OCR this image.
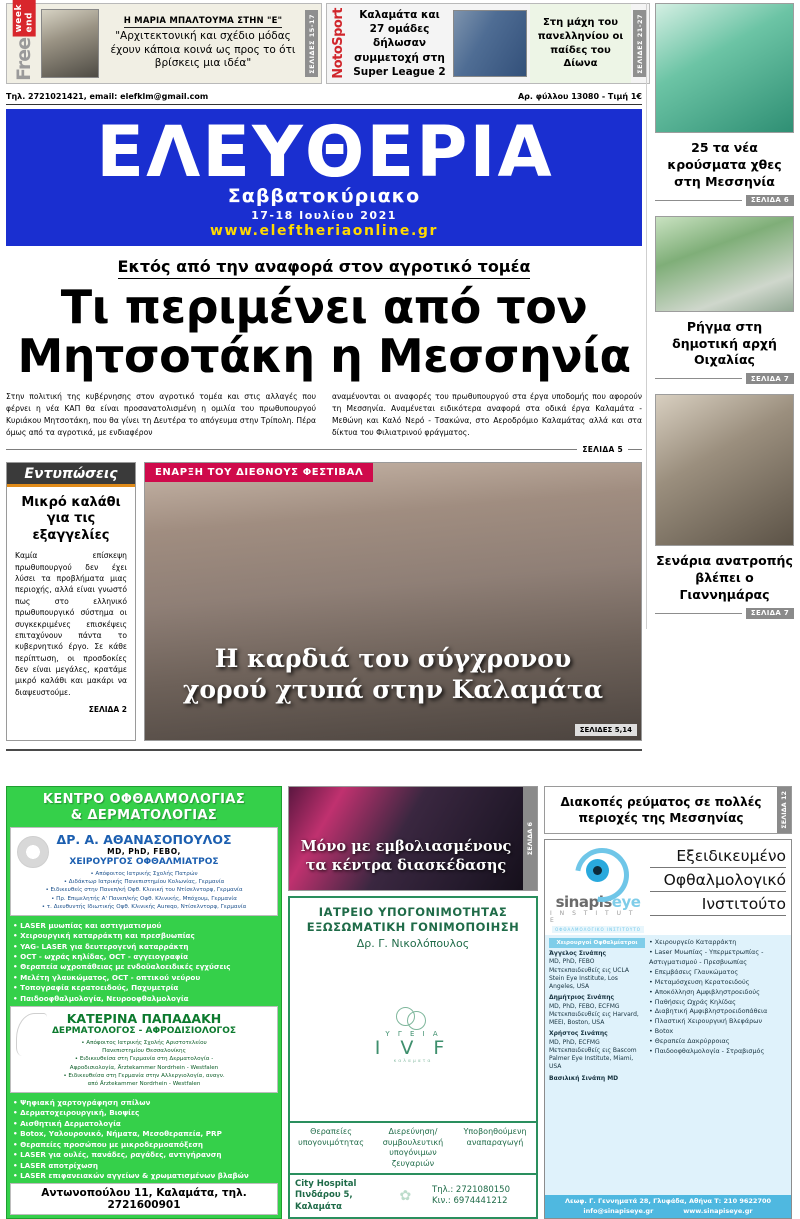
week end
Free
Η ΜΑΡΙΑ ΜΠΑΛΤΟΥΜΑ ΣΤΗΝ "Ε"
"Αρχιτεκτονική και σχέδιο μόδας έχουν κάποια κοινά ως προς το ότι βρίσκεις μια ιδέα"	ΣΕΛΙΔΕΣ 15-17 NotoSport	Καλαμάτα και 27 ομάδες δήλωσαν συμμετοχή στη Super League 2
Στη μάχη του πανελληνίου οι παίδες του Δίωνα	ΣΕΛΙΔΕΣ 21-27
Τηλ. 2721021421, email: elefklm@gmail.com	Αρ. φύλλου 13080 - Τιμή 1€
Ε Λ Ε Υ Θ Ε Ρ Ι Α
Σαββατοκύριακο
17-18 Ιουλίου 2021
www.eleftheriaonline.gr
Εκτός από την αναφορά στον αγροτικό τομέα
Τι περιμένει από τον
Μητσοτάκη η Μεσσηνία
Στην πολιτική της κυβέρνησης στον αγροτικό τομέα και στις αλλαγές που φέρνει η νέα ΚΑΠ θα είναι προσανατολισμένη η ομιλία του πρωθυπουργού Κυριάκου Μητσοτάκη, που θα γίνει τη Δευτέρα το απόγευμα στην Τρίπολη. Πέρα όμως από τα αγροτικά, με ενδιαφέρον
αναμένονται οι αναφορές του πρωθυπουργού στα έργα υποδομής που αφορούν τη Μεσσηνία. Αναμένεται ειδικότερα αναφορά στα οδικά έργα Καλαμάτα - Μεθώνη και Καλό Νερό - Τσακώνα, στο Αεροδρόμιο Καλαμάτας αλλά και στα δίκτυα του Φιλιατρινού φράγματος.
ΣΕΛΙΔΑ 5
Εντυπώσεις
Μικρό καλάθι για τις εξαγγελίες
Καμία επίσκεψη πρωθυπουργού δεν έχει λύσει τα προβλήματα μιας περιοχής, αλλά είναι γνωστό πως στο ελληνικό πρωθυπουργικό σύστημα οι συγκεκριμένες επισκέψεις επιταχύνουν πάντα το κυβερνητικό έργο. Σε κάθε περίπτωση, οι προσδοκίες δεν είναι μεγάλες, κρατάμε μικρό καλάθι και μακάρι να διαψευστούμε.
ΣΕΛΙΔΑ 2
ΕΝΑΡΞΗ ΤΟΥ ΔΙΕΘΝΟΥΣ ΦΕΣΤΙΒΑΛ
Η καρδιά του σύγχρονου
χορού χτυπά στην Καλαμάτα
ΣΕΛΙΔΕΣ 5,14
25 τα νέα κρούσματα χθες στη Μεσσηνία
ΣΕΛΙΔΑ 6
Ρήγμα στη δημοτική αρχή Οιχαλίας
ΣΕΛΙΔΑ 7
Σενάρια ανατροπής βλέπει ο Γιαννημάρας
ΣΕΛΙΔΑ 7
ΚΕΝΤΡΟ ΟΦΘΑΛΜΟΛΟΓΙΑΣ
& ΔΕΡΜΑΤΟΛΟΓΙΑΣ
ΔΡ. Α. ΑΘΑΝΑΣΟΠΟΥΛΟΣ
MD, PhD, FEBO,
ΧΕΙΡΟΥΡΓΟΣ ΟΦΘΑΛΜΙΑΤΡΟΣ
• Απόφοιτος Ιατρικής Σχολής Πατρών
• Διδάκτωρ Ιατρικής Πανεπιστημίου Κολωνίας, Γερμανία
• Ειδικευθείς στην Πανεπ/κή Οφθ. Κλινική του Ντίσελντορφ, Γερμανία
• Πρ. Επιμελητής Α' Πανεπ/κής Οφθ. Κλινικής, Μπόχουμ, Γερμανία
• τ. Διευθυντής Ιδιωτικής Οφθ. Κλινικής Aureqo, Ντίσελντορφ, Γερμανία
• LASER μυωπίας και αστιγματισμού
• Χειρουργική καταρράκτη και πρεσβυωπίας
• YAG- LASER για δευτερογενή καταρράκτη
• OCT - ωχράς κηλίδας, OCT - αγγειογραφία
• Θεραπεία ωχροπάθειας με ενδοϋαλοειδικές εγχύσεις
• Μελέτη γλαυκώματος, OCT - οπτικού νεύρου
• Τοπογραφία κερατοειδούς, Παχυμετρία
• Παιδοοφθαλμολογία, Νευροοφθαλμολογία
ΚΑΤΕΡΙΝΑ ΠΑΠΑΔΑΚΗ
ΔΕΡΜΑΤΟΛΟΓΟΣ - ΑΦΡΟΔΙΣΙΟΛΟΓΟΣ
• Απόφοιτος Ιατρικής Σχολής Αριστοτελείου
Πανεπιστημίου Θεσσαλονίκης
• Ειδικευθείσα στη Γερμανία στη Δερματολογία -
Αφροδισιολογία, Ärztekammer Nordrhein - Westfalen
• Ειδικευθείσα στη Γερμανία στην Αλλεργιολογία, αναγν.
από Ärztekammer Nordrhein - Westfalen
• Ψηφιακή χαρτογράφηση σπίλων
• Δερματοχειρουργική, Βιοψίες
• Αισθητική Δερματολογία
• Botox, Υαλουρονικό, Νήματα, Μεσοθεραπεία, PRP
• Θεραπείες προσώπου με μικροδερμοαπόξεση
• LASER για ουλές, πανάδες, ραγάδες, αντιγήρανση
• LASER αποτρίχωση
• LASER επιφανειακών αγγείων & χρωματισμένων βλαβών
Αντωνοπούλου 11, Καλαμάτα, τηλ. 2721600901
Μόνο με εμβολιασμένους
τα κέντρα διασκέδασης
ΣΕΛΙΔΑ 6
ΙΑΤΡΕΙΟ ΥΠΟΓΟΝΙΜΟΤΗΤΑΣ
ΕΞΩΣΩΜΑΤΙΚΗ ΓΟΝΙΜΟΠΟΙΗΣΗ
Δρ. Γ. Νικολόπουλος
Υ Γ Ε Ι Α
I V F
καλαματα
Θεραπείες υπογονιμότητας
Διερεύνηση/ συμβουλευτική υπογόνιμων ζευγαριών
Υποβοηθούμενη αναπαραγωγή
City Hospital Πινδάρου 5, Καλαμάτα
✿	Τηλ.: 2721080150
Κιν.: 6974441212
Διακοπές ρεύματος σε πολλές
περιοχές της Μεσσηνίας	ΣΕΛΙΔΑ 12
sinapiseye
I N S T I T U T E
ΟΦΘΑΛΜΟΛΟΓΙΚΟ ΙΝΣΤΙΤΟΥΤΟ
Εξειδικευμένο
Οφθαλμολογικό
Ινστιτούτο
Χειρουργοί Οφθαλμίατροι
Άγγελος Σινάπης
MD, PhD, FEBO
Μετεκπαιδευθείς εις UCLA Stein Eye Institute, Los Angeles, USA
Δημήτριος Σινάπης
MD, PhD, FEBO, ECFMG
Μετεκπαιδευθείς εις Harvard, MEEI, Boston, USA
Χρήστος Σινάπης
MD, PhD, ECFMG
Μετεκπαιδευθείς εις Bascom Palmer Eye Institute, Miami, USA
Βασιλική Σινάπη MD
• Χειρουργείο Καταρράκτη
• Laser Μυωπίας - Υπερμετρωπίας - Αστιγματισμού - Πρεσβυωπίας
• Επεμβάσεις Γλαυκώματος
• Μεταμόσχευση Κερατοειδούς
• Αποκόλληση Αμφιβληστροειδούς
• Παθήσεις Ωχράς Κηλίδας
• Διαβητική Αμφιβληστροειδοπάθεια
• Πλαστική Χειρουργική Βλεφάρων
• Botox
• Θεραπεία Δακρύρροιας
• Παιδοοφθαλμολογία - Στραβισμός
Λεωφ. Γ. Γεννηματά 28, Γλυφάδα, Αθήνα Τ: 210 9622700
info@sinapiseye.gr	www.sinapiseye.gr
